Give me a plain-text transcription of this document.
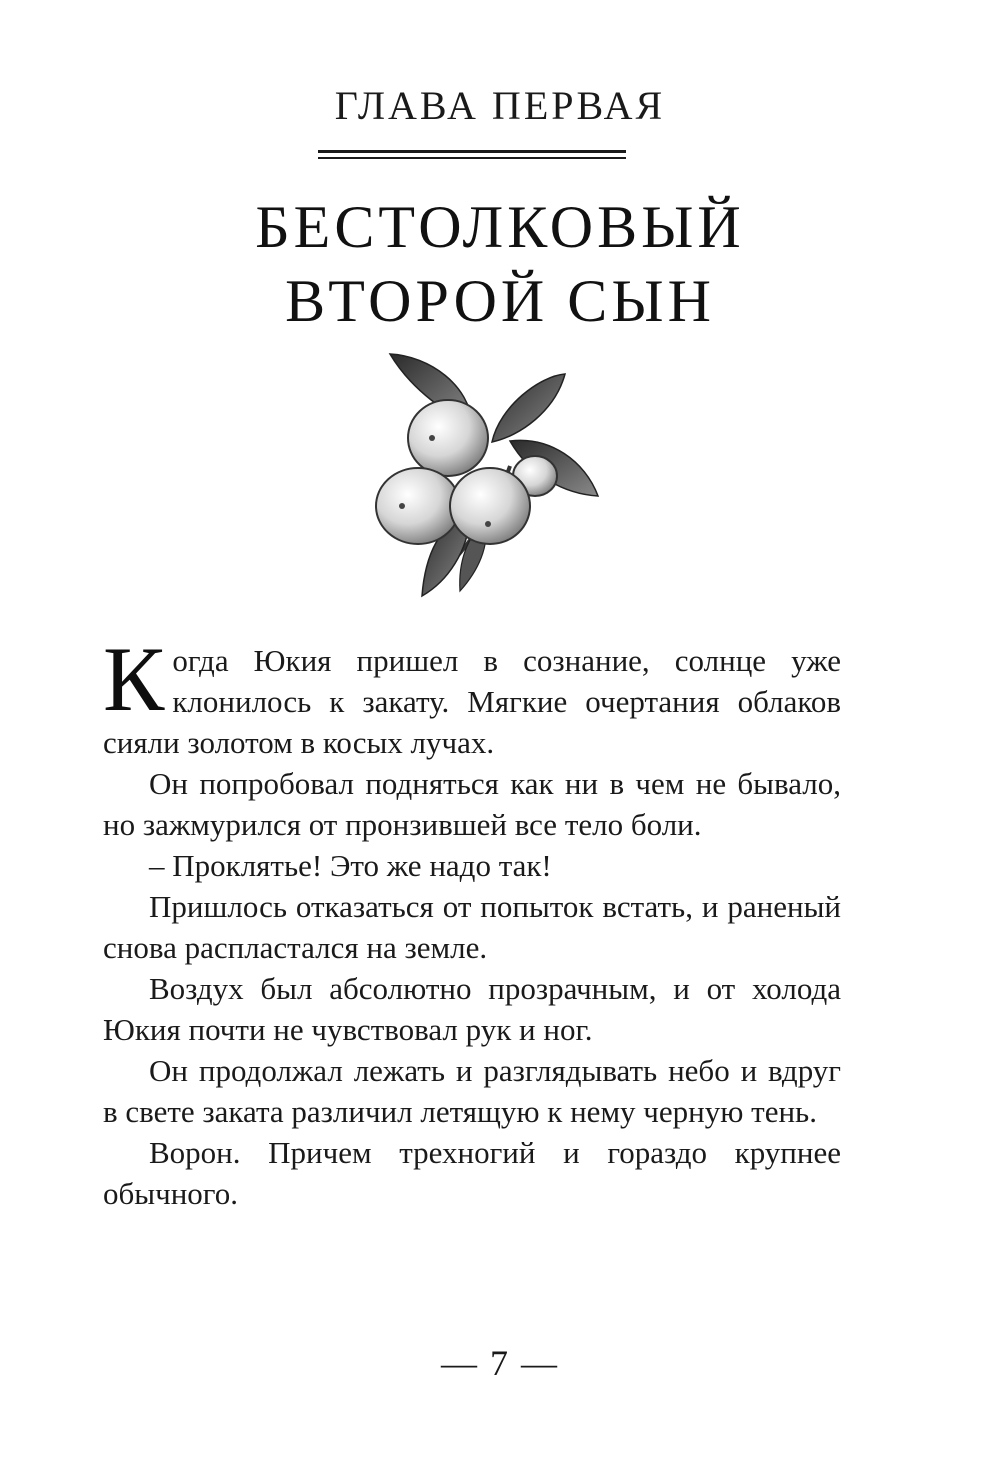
ГЛАВА ПЕРВАЯ
БЕСТОЛКОВЫЙ
ВТОРОЙ СЫН

Когда Юкия пришел в сознание, солнце уже клонилось к закату. Мягкие очертания облаков сияли золотом в косых лучах.

Он попробовал подняться как ни в чем не бывало, но зажмурился от пронзившей все тело боли.

– Проклятье! Это же надо так!

Пришлось отказаться от попыток встать, и раненый снова распластался на земле.

Воздух был абсолютно прозрачным, и от холода Юкия почти не чувствовал рук и ног.

Он продолжал лежать и разглядывать небо и вдруг в свете заката различил летящую к нему черную тень.

Ворон. Причем трехногий и гораздо крупнее обычного.

— 7 —
